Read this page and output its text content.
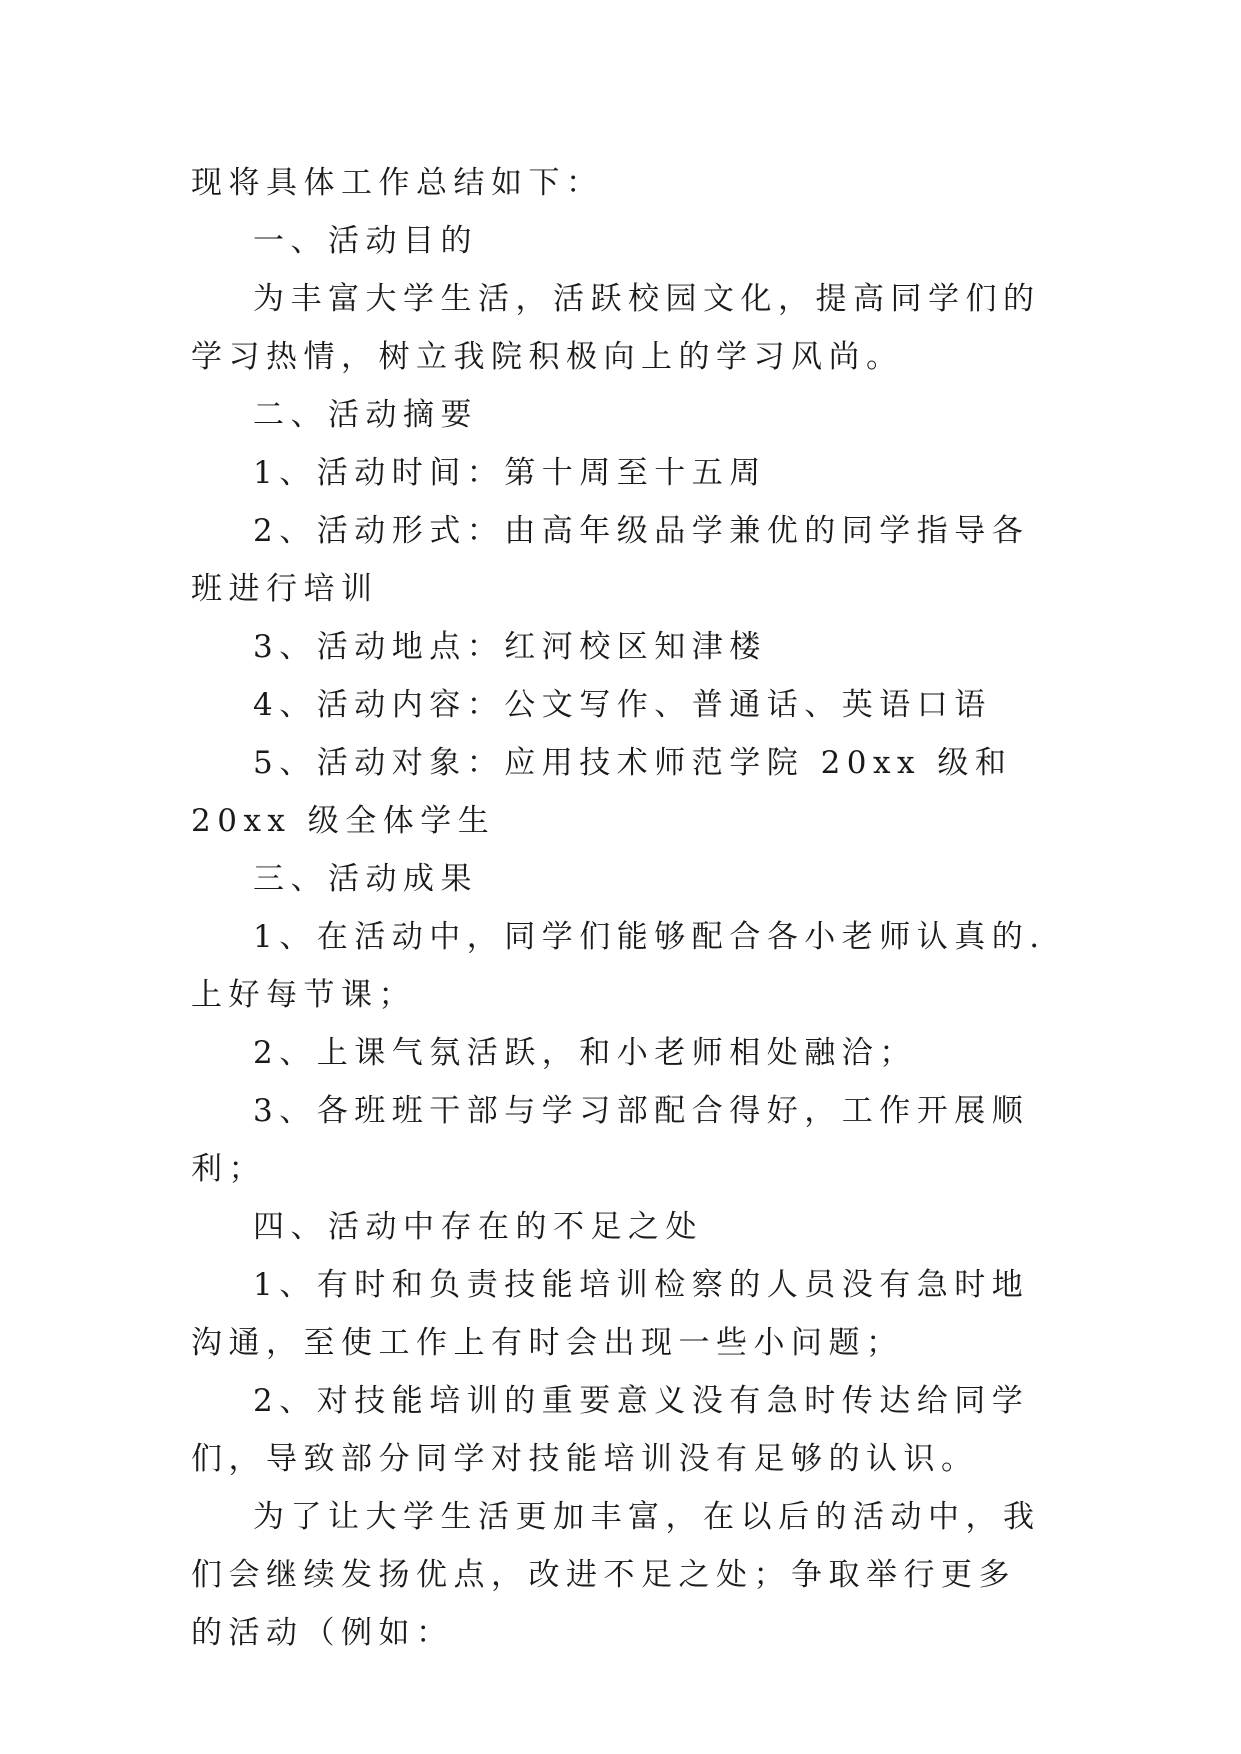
现将具体工作总结如下：

一、活动目的

为丰富大学生活，活跃校园文化，提高同学们的学习热情，树立我院积极向上的学习风尚。

二、活动摘要

1、活动时间：第十周至十五周

2、活动形式：由高年级品学兼优的同学指导各班进行培训

3、活动地点：红河校区知津楼

4、活动内容：公文写作、普通话、英语口语

5、活动对象：应用技术师范学院 20xx 级和 20xx 级全体学生

三、活动成果

1、在活动中，同学们能够配合各小老师认真的.上好每节课；

2、上课气氛活跃，和小老师相处融洽；

3、各班班干部与学习部配合得好，工作开展顺利；

四、活动中存在的不足之处

1、有时和负责技能培训检察的人员没有急时地沟通，至使工作上有时会出现一些小问题；

2、对技能培训的重要意义没有急时传达给同学们，导致部分同学对技能培训没有足够的认识。

为了让大学生活更加丰富，在以后的活动中，我们会继续发扬优点，改进不足之处；争取举行更多的活动（例如：
